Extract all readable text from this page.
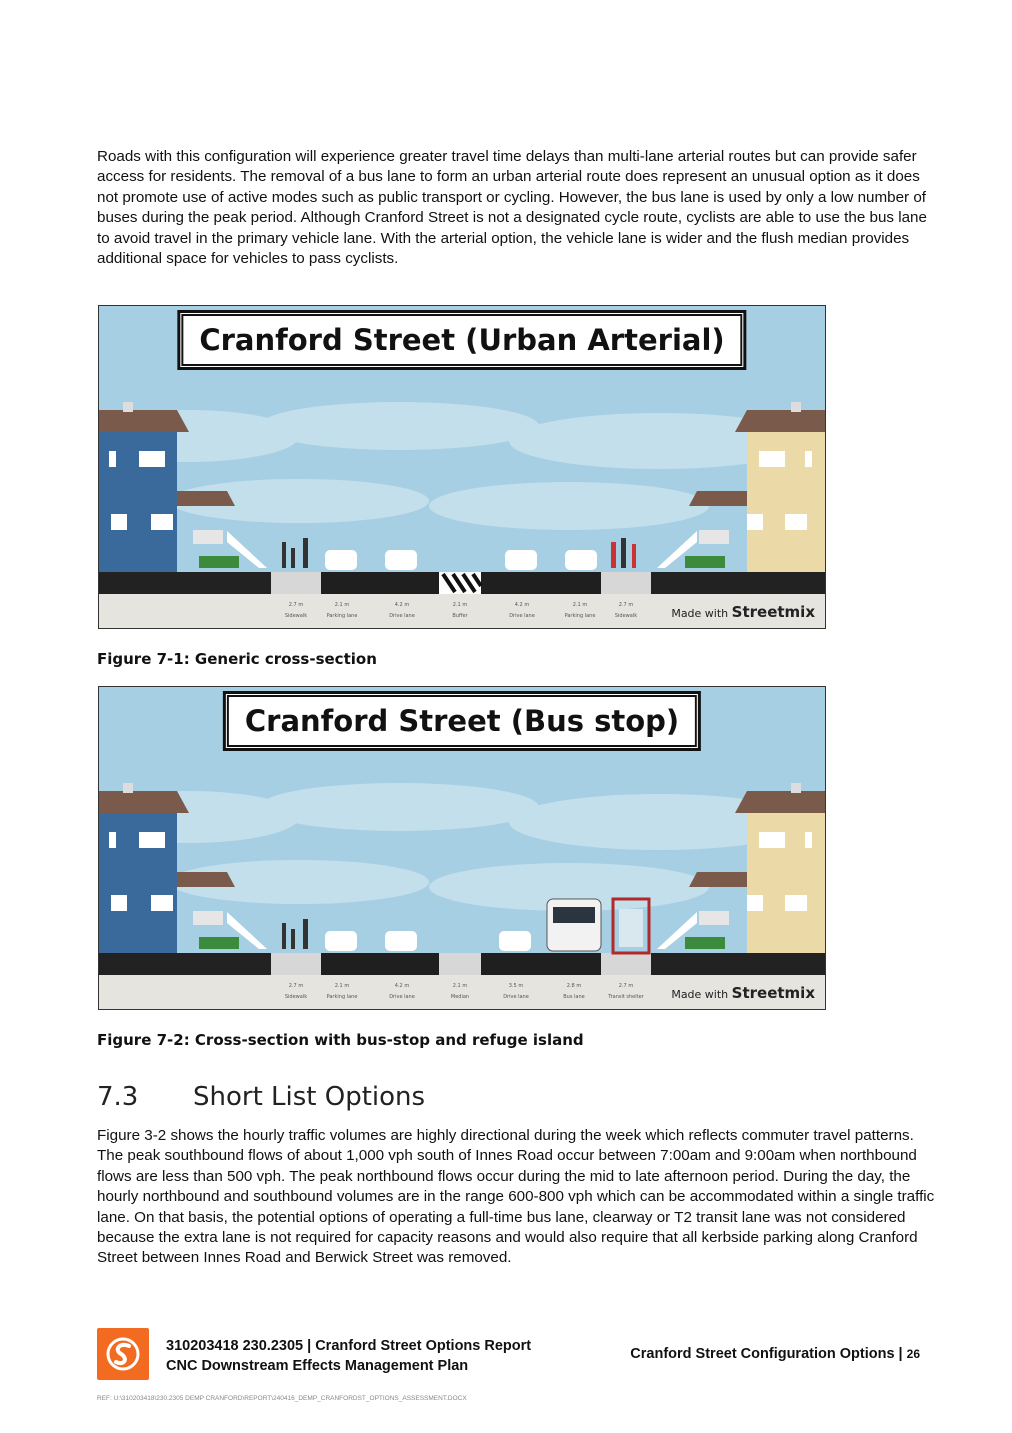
Roads with this configuration will experience greater travel time delays than multi-lane arterial routes but can provide safer access for residents. The removal of a bus lane to form an urban arterial route does represent an unusual option as it does not promote use of active modes such as public transport or cycling. However, the bus lane is used by only a low number of buses during the peak period. Although Cranford Street is not a designated cycle route, cyclists are able to use the bus lane to avoid travel in the primary vehicle lane. With the arterial option, the vehicle lane is wider and the flush median provides additional space for vehicles to pass cyclists.

Cranford Street (Urban Arterial)
Made with Streetmix
2.7 m
Sidewalk
2.1 m
Parking lane
4.2 m
Drive lane
2.1 m
Buffer
4.2 m
Drive lane
2.1 m
Parking lane
2.7 m
Sidewalk

Figure 7-1: Generic cross-section

Cranford Street (Bus stop)
Made with Streetmix
2.7 m
Sidewalk
2.1 m
Parking lane
4.2 m
Drive lane
2.1 m
Median
3.5 m
Drive lane
2.8 m
Bus lane
2.7 m
Transit shelter

Figure 7-2: Cross-section with bus-stop and refuge island

7.3 Short List Options

Figure 3-2 shows the hourly traffic volumes are highly directional during the week which reflects commuter travel patterns. The peak southbound flows of about 1,000 vph south of Innes Road occur between 7:00am and 9:00am when northbound flows are less than 500 vph. The peak northbound flows occur during the mid to late afternoon period. During the day, the hourly northbound and southbound volumes are in the range 600-800 vph which can be accommodated within a single traffic lane. On that basis, the potential options of operating a full-time bus lane, clearway or T2 transit lane was not considered because the extra lane is not required for capacity reasons and would also require that all kerbside parking along Cranford Street between Innes Road and Berwick Street was removed.

310203418 230.2305 | Cranford Street Options Report
CNC Downstream Effects Management Plan
Cranford Street Configuration Options | 26
REF: U:\310203418\230.2305 DEMP CRANFORD\REPORT\240416_DEMP_CRANFORDST_OPTIONS_ASSESSMENT.DOCX
